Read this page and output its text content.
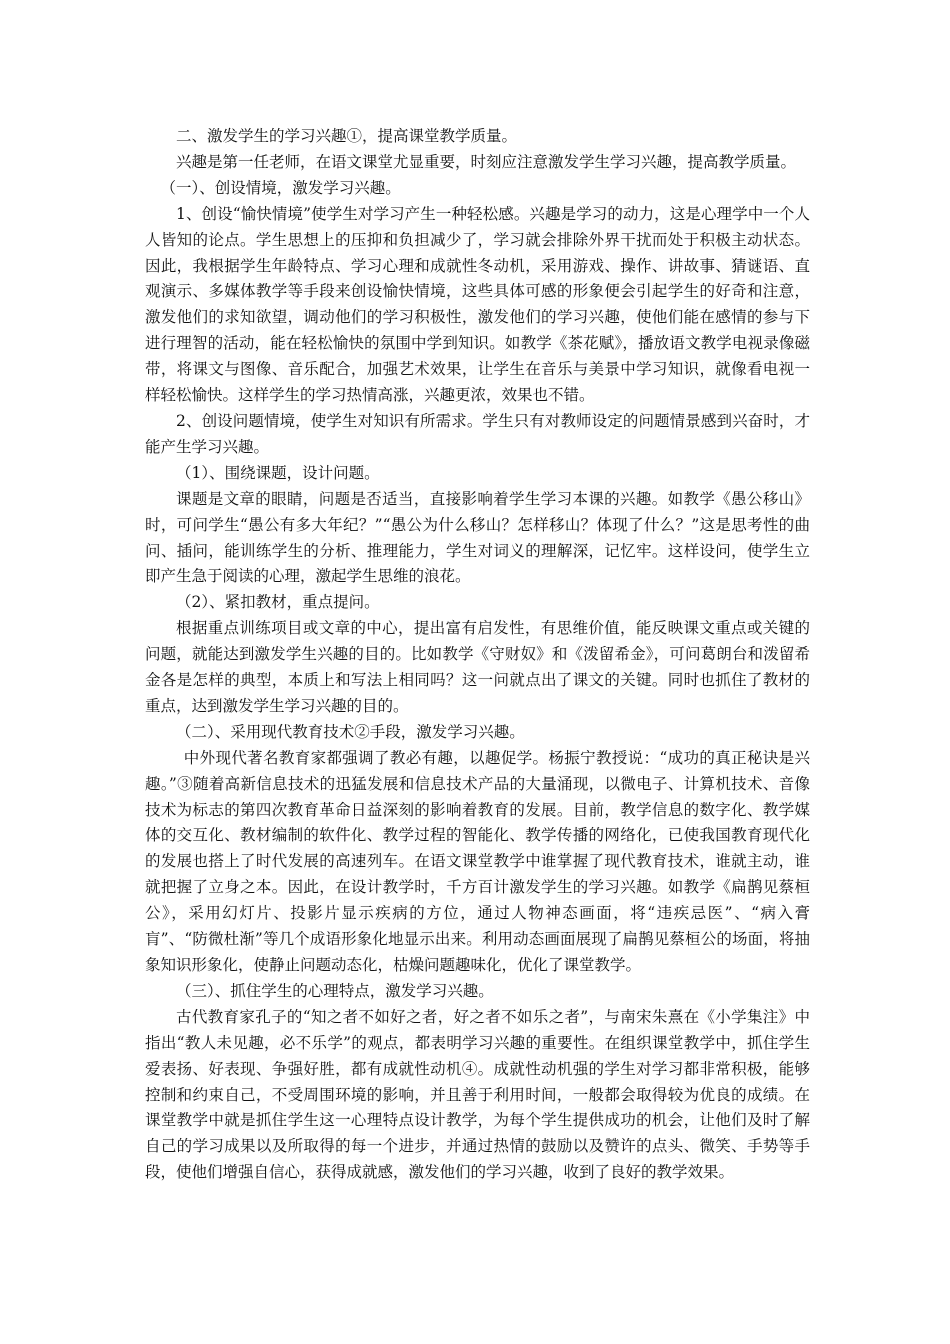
二、激发学生的学习兴趣①，提高课堂教学质量。

兴趣是第一任老师，在语文课堂尤显重要，时刻应注意激发学生学习兴趣，提高教学质量。

（一）、创设情境，激发学习兴趣。

1、创设“愉快情境”使学生对学习产生一种轻松感。兴趣是学习的动力，这是心理学中一个人人皆知的论点。学生思想上的压抑和负担减少了，学习就会排除外界干扰而处于积极主动状态。因此，我根据学生年龄特点、学习心理和成就性冬动机，采用游戏、操作、讲故事、猜谜语、直观演示、多媒体教学等手段来创设愉快情境，这些具体可感的形象便会引起学生的好奇和注意，激发他们的求知欲望，调动他们的学习积极性，激发他们的学习兴趣，使他们能在感情的参与下进行理智的活动，能在轻松愉快的氛围中学到知识。如教学《茶花赋》，播放语文教学电视录像磁带，将课文与图像、音乐配合，加强艺术效果，让学生在音乐与美景中学习知识，就像看电视一样轻松愉快。这样学生的学习热情高涨，兴趣更浓，效果也不错。

2、创设问题情境，使学生对知识有所需求。学生只有对教师设定的问题情景感到兴奋时，才能产生学习兴趣。

（1）、围绕课题，设计问题。

课题是文章的眼睛，问题是否适当，直接影响着学生学习本课的兴趣。如教学《愚公移山》时，可问学生“愚公有多大年纪？”“愚公为什么移山？怎样移山？体现了什么？”这是思考性的曲问、插问，能训练学生的分析、推理能力，学生对词义的理解深，记忆牢。这样设问，使学生立即产生急于阅读的心理，激起学生思维的浪花。

（2）、紧扣教材，重点提问。

根据重点训练项目或文章的中心，提出富有启发性，有思维价值，能反映课文重点或关键的问题，就能达到激发学生兴趣的目的。比如教学《守财奴》和《泼留希金》，可问葛朗台和泼留希金各是怎样的典型，本质上和写法上相同吗？这一问就点出了课文的关键。同时也抓住了教材的重点，达到激发学生学习兴趣的目的。

（二）、采用现代教育技术②手段，激发学习兴趣。

中外现代著名教育家都强调了教必有趣，以趣促学。杨振宁教授说：“成功的真正秘诀是兴趣。”③随着高新信息技术的迅猛发展和信息技术产品的大量涌现，以微电子、计算机技术、音像技术为标志的第四次教育革命日益深刻的影响着教育的发展。目前，教学信息的数字化、教学媒体的交互化、教材编制的软件化、教学过程的智能化、教学传播的网络化，已使我国教育现代化的发展也搭上了时代发展的高速列车。在语文课堂教学中谁掌握了现代教育技术，谁就主动，谁就把握了立身之本。因此，在设计教学时，千方百计激发学生的学习兴趣。如教学《扁鹊见蔡桓公》，采用幻灯片、投影片显示疾病的方位，通过人物神态画面，将“违疾忌医”、“病入膏肓”、“防微杜渐”等几个成语形象化地显示出来。利用动态画面展现了扁鹊见蔡桓公的场面，将抽象知识形象化，使静止问题动态化，枯燥问题趣味化，优化了课堂教学。

（三）、抓住学生的心理特点，激发学习兴趣。

古代教育家孔子的“知之者不如好之者，好之者不如乐之者”，与南宋朱熹在《小学集注》中指出“教人未见趣，必不乐学”的观点，都表明学习兴趣的重要性。在组织课堂教学中，抓住学生爱表扬、好表现、争强好胜，都有成就性动机④。成就性动机强的学生对学习都非常积极，能够控制和约束自己，不受周围环境的影响，并且善于利用时间，一般都会取得较为优良的成绩。在课堂教学中就是抓住学生这一心理特点设计教学，为每个学生提供成功的机会，让他们及时了解自己的学习成果以及所取得的每一个进步，并通过热情的鼓励以及赞许的点头、微笑、手势等手段，使他们增强自信心，获得成就感，激发他们的学习兴趣，收到了良好的教学效果。
